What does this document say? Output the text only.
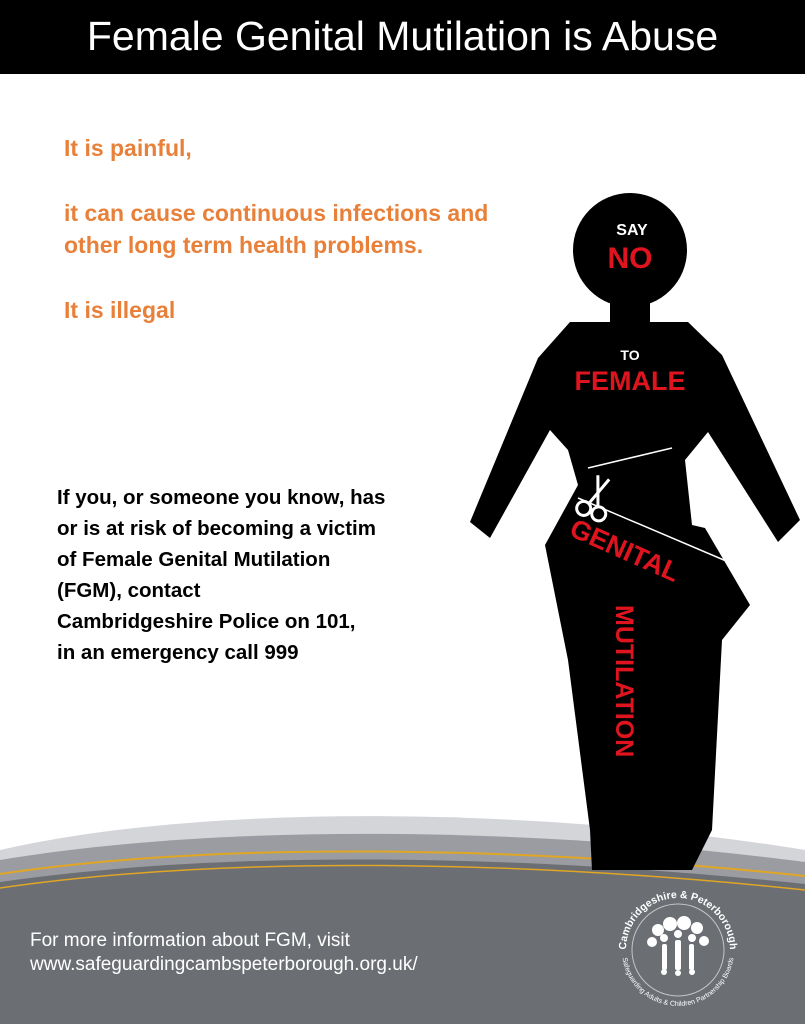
Female Genital Mutilation is Abuse

It is painful,

it can cause continuous infections and

other long term health problems.

It is illegal

If you, or someone you know, has
or is at risk of becoming a victim
of Female Genital Mutilation
(FGM), contact
Cambridgeshire Police on 101,
in an emergency call 999
For more information about FGM, visit
www.safeguardingcambspeterborough.org.uk/
SAY
NO
TO
FEMALE
GENITAL
MUTILATION
Cambridgeshire & Peterborough
Safeguarding Adults & Children Partnership Boards
